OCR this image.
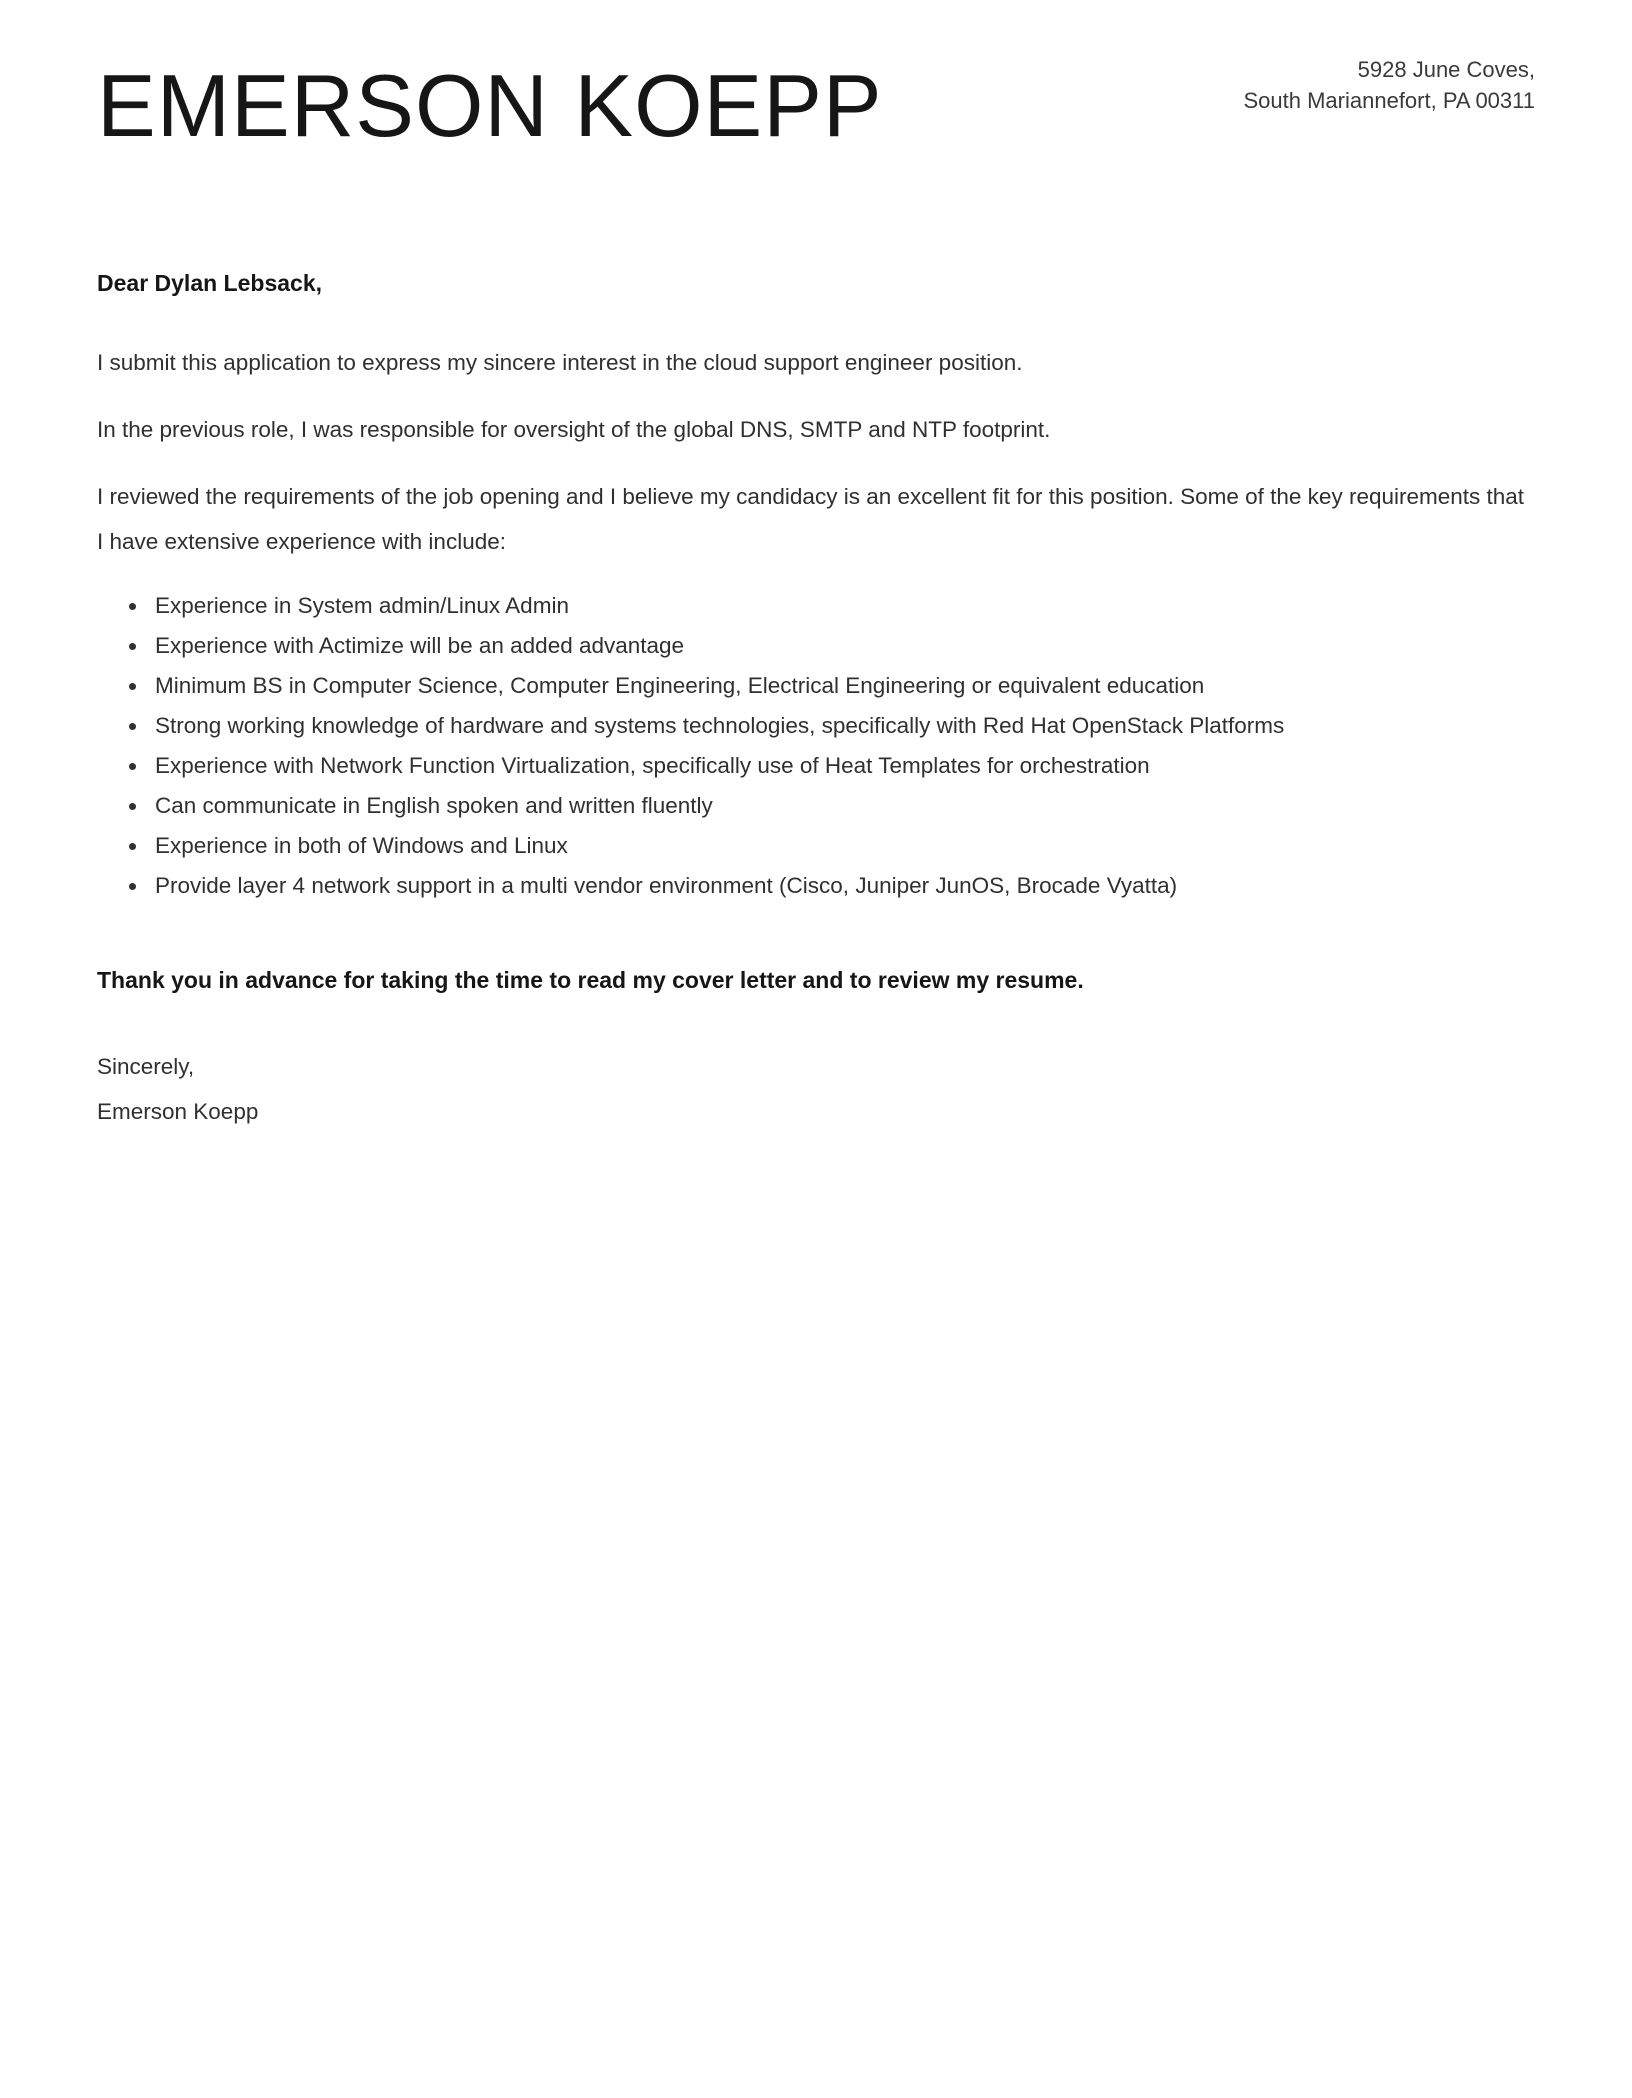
EMERSON KOEPP	5928 June Coves,
South Mariannefort, PA 00311

Dear Dylan Lebsack,

I submit this application to express my sincere interest in the cloud support engineer position.

In the previous role, I was responsible for oversight of the global DNS, SMTP and NTP footprint.

I reviewed the requirements of the job opening and I believe my candidacy is an excellent fit for this position. Some of the key requirements that I have extensive experience with include:

• Experience in System admin/Linux Admin
• Experience with Actimize will be an added advantage
• Minimum BS in Computer Science, Computer Engineering, Electrical Engineering or equivalent education
• Strong working knowledge of hardware and systems technologies, specifically with Red Hat OpenStack Platforms
• Experience with Network Function Virtualization, specifically use of Heat Templates for orchestration
• Can communicate in English spoken and written fluently
• Experience in both of Windows and Linux
• Provide layer 4 network support in a multi vendor environment (Cisco, Juniper JunOS, Brocade Vyatta)

Thank you in advance for taking the time to read my cover letter and to review my resume.

Sincerely,
Emerson Koepp
